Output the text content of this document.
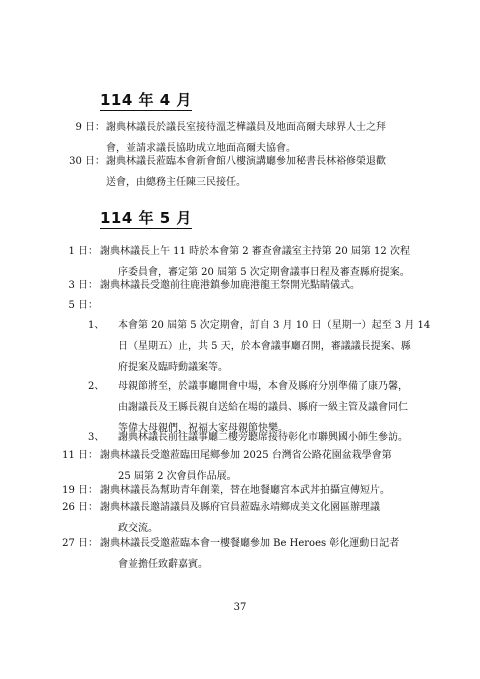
114 年 4 月
9 日： 謝典林議長於議長室接待溫芝樺議員及地面高爾夫球界人士之拜
會，並請求議長協助成立地面高爾夫協會。
30 日： 謝典林議長蒞臨本會新會館八樓演講廳參加秘書長林裕修榮退歡
送會，由總務主任陳三民接任。
114 年 5 月
1 日： 謝典林議長上午 11 時於本會第 2 審查會議室主持第 20 屆第 12 次程
序委員會，審定第 20 屆第 5 次定期會議事日程及審查縣府提案。
3 日： 謝典林議長受邀前往鹿港鎮參加鹿港龍王祭開光點睛儀式。
5 日：
1、 本會第 20 屆第 5 次定期會，訂自 3 月 10 日（星期一）起至 3 月 14
日（星期五）止，共 5 天，於本會議事廳召開，審議議長提案、縣
府提案及臨時動議案等。
2、 母親節將至，於議事廳開會中場，本會及縣府分別準備了康乃馨，
由謝議長及王縣長親自送給在場的議員、縣府一級主管及議會同仁
等偉大母親們，祝福大家母親節快樂。
3、 謝典林議長前往議事廳二樓旁聽席接待彰化市聯興國小師生參訪。
11 日： 謝典林議長受邀蒞臨田尾鄉參加 2025 台灣省公路花園盆栽學會第
25 屆第 2 次會員作品展。
19 日： 謝典林議長為幫助青年創業，替在地餐廳宮本武丼拍攝宣傳短片。
26 日： 謝典林議長邀請議員及縣府官員蒞臨永靖鄉成美文化園區辦理議
政交流。
27 日： 謝典林議長受邀蒞臨本會一樓餐廳參加 Be Heroes 彰化運動日記者
會並擔任致辭嘉賓。
37
